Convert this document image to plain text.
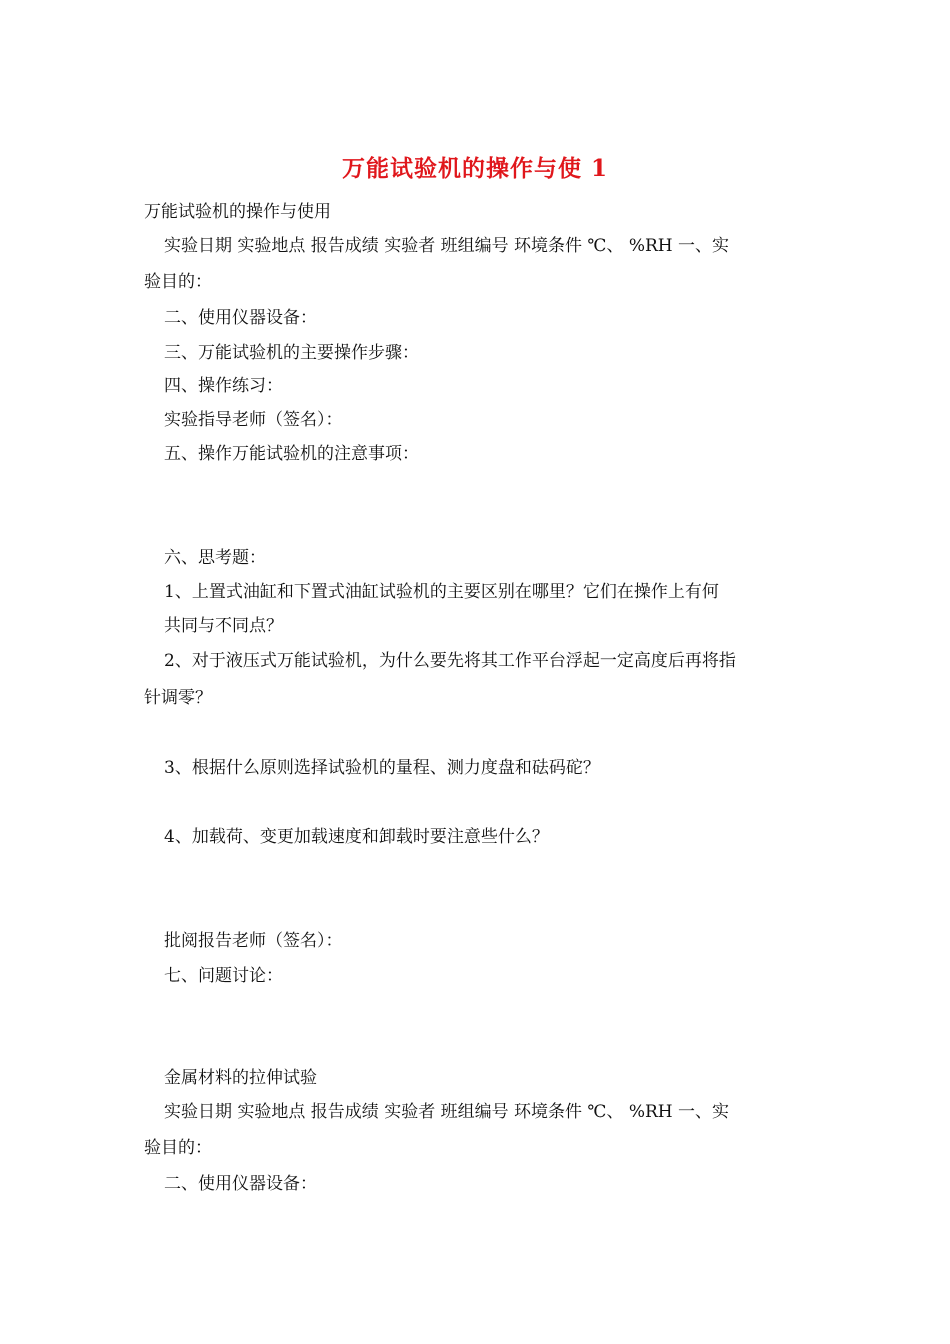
万能试验机的操作与使 1
万能试验机的操作与使用
实验日期 实验地点 报告成绩 实验者 班组编号 环境条件 ℃、 %RH 一、实
验目的：
二、使用仪器设备：
三、万能试验机的主要操作步骤：
四、操作练习：
实验指导老师（签名）：
五、操作万能试验机的注意事项：
六、思考题：
1、上置式油缸和下置式油缸试验机的主要区别在哪里？它们在操作上有何
共同与不同点？
2、对于液压式万能试验机，为什么要先将其工作平台浮起一定高度后再将指
针调零？
3、根据什么原则选择试验机的量程、测力度盘和砝码砣？
4、加载荷、变更加载速度和卸载时要注意些什么？
批阅报告老师（签名）：
七、问题讨论：
金属材料的拉伸试验
实验日期 实验地点 报告成绩 实验者 班组编号 环境条件 ℃、 %RH 一、实
验目的：
二、使用仪器设备：
